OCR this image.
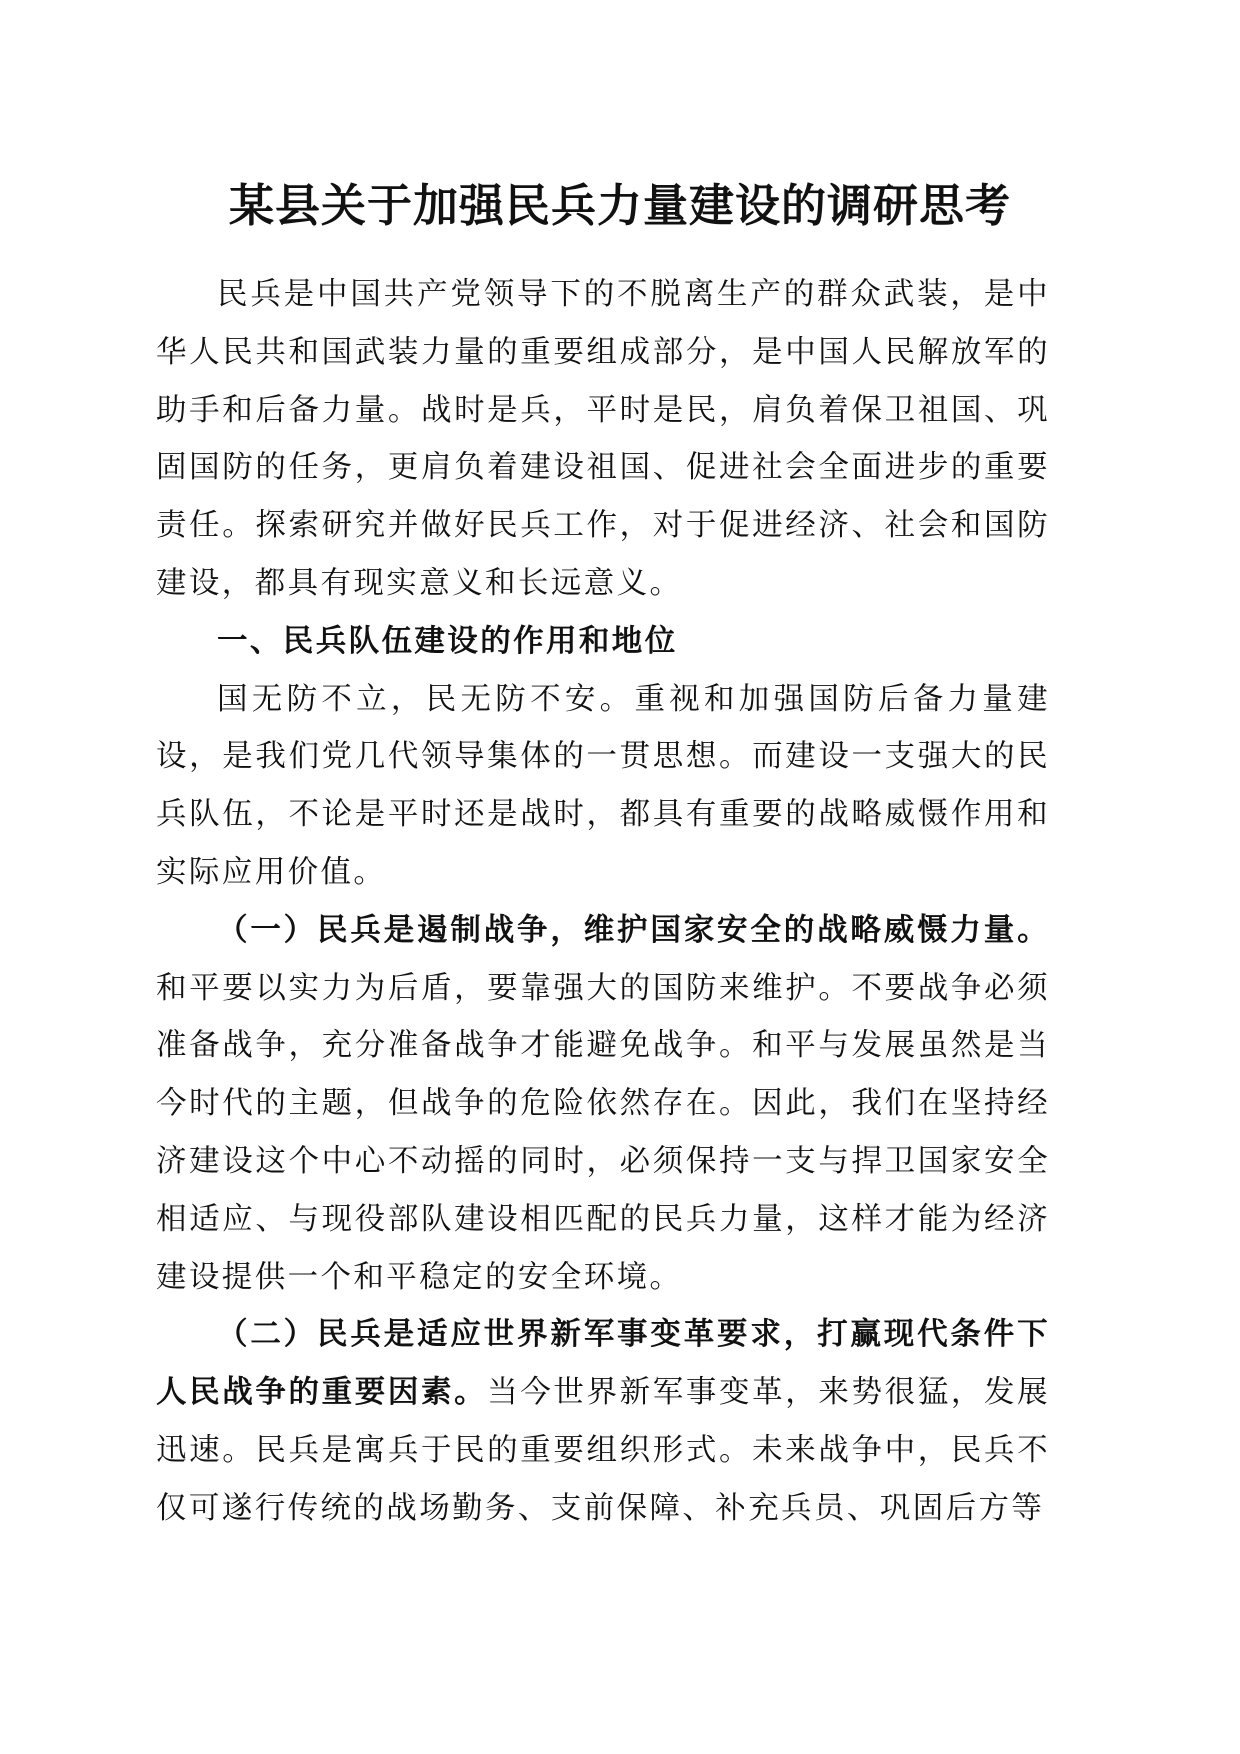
某县关于加强民兵力量建设的调研思考

民兵是中国共产党领导下的不脱离生产的群众武装，是中华人民共和国武装力量的重要组成部分，是中国人民解放军的助手和后备力量。战时是兵，平时是民，肩负着保卫祖国、巩固国防的任务，更肩负着建设祖国、促进社会全面进步的重要责任。探索研究并做好民兵工作，对于促进经济、社会和国防建设，都具有现实意义和长远意义。

一、民兵队伍建设的作用和地位

国无防不立，民无防不安。重视和加强国防后备力量建设，是我们党几代领导集体的一贯思想。而建设一支强大的民兵队伍，不论是平时还是战时，都具有重要的战略威慑作用和实际应用价值。

（一）民兵是遏制战争，维护国家安全的战略威慑力量。和平要以实力为后盾，要靠强大的国防来维护。不要战争必须准备战争，充分准备战争才能避免战争。和平与发展虽然是当今时代的主题，但战争的危险依然存在。因此，我们在坚持经济建设这个中心不动摇的同时，必须保持一支与捍卫国家安全相适应、与现役部队建设相匹配的民兵力量，这样才能为经济建设提供一个和平稳定的安全环境。

（二）民兵是适应世界新军事变革要求，打赢现代条件下人民战争的重要因素。当今世界新军事变革，来势很猛，发展迅速。民兵是寓兵于民的重要组织形式。未来战争中，民兵不仅可遂行传统的战场勤务、支前保障、补充兵员、巩固后方等
